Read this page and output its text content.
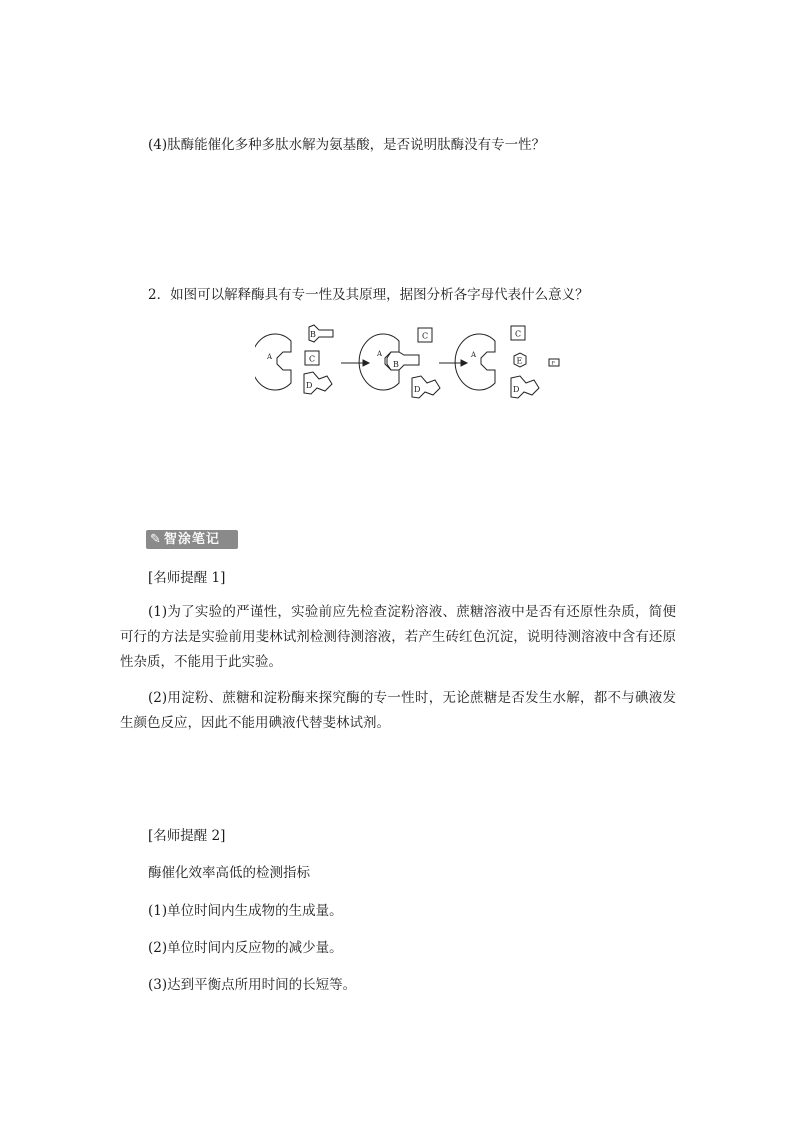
(4)肽酶能催化多种多肽水解为氨基酸，是否说明肽酶没有专一性？
2．如图可以解释酶具有专一性及其原理，据图分析各字母代表什么意义？
A
B
C
D
A
B
C
D
A
C
E	F
D
✎ 智涂笔记
[名师提醒 1]
(1)为了实验的严谨性，实验前应先检查淀粉溶液、蔗糖溶液中是否有还原性杂质，简便可行的方法是实验前用斐林试剂检测待测溶液，若产生砖红色沉淀，说明待测溶液中含有还原性杂质，不能用于此实验。
(2)用淀粉、蔗糖和淀粉酶来探究酶的专一性时，无论蔗糖是否发生水解，都不与碘液发生颜色反应，因此不能用碘液代替斐林试剂。
[名师提醒 2]
酶催化效率高低的检测指标
(1)单位时间内生成物的生成量。
(2)单位时间内反应物的减少量。
(3)达到平衡点所用时间的长短等。
